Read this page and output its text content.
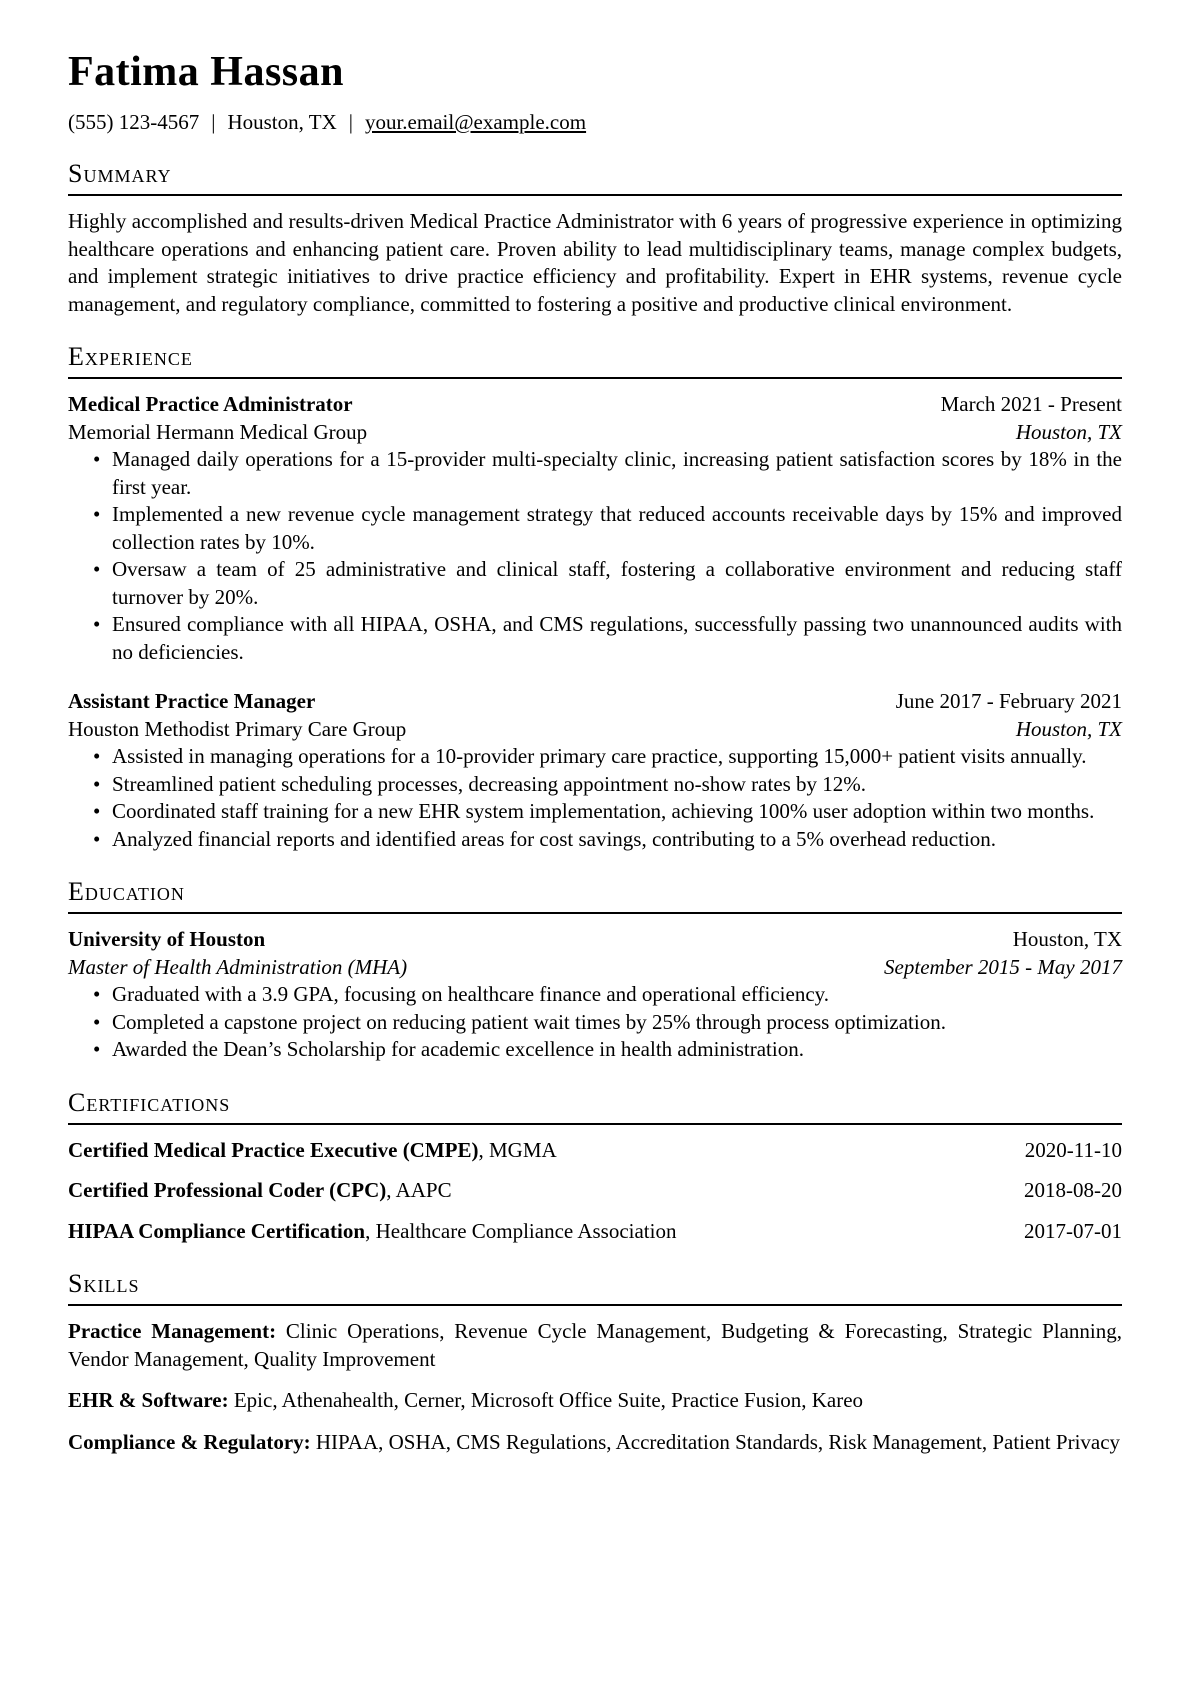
Fatima Hassan
(555) 123-4567 | Houston, TX | your.email@example.com
Summary

Highly accomplished and results-driven Medical Practice Administrator with 6 years of progressive experience in optimizing healthcare operations and enhancing patient care. Proven ability to lead multidisciplinary teams, manage complex budgets, and implement strategic initiatives to drive practice efficiency and profitability. Expert in EHR systems, revenue cycle management, and regulatory compliance, committed to fostering a positive and productive clinical environment.

Experience
Medical Practice Administrator	March 2021 - Present
Memorial Hermann Medical Group	Houston, TX
• Managed daily operations for a 15-provider multi-specialty clinic, increasing patient satisfaction scores by 18% in the first year.
• Implemented a new revenue cycle management strategy that reduced accounts receivable days by 15% and improved collection rates by 10%.
• Oversaw a team of 25 administrative and clinical staff, fostering a collaborative environment and reducing staff turnover by 20%.
• Ensured compliance with all HIPAA, OSHA, and CMS regulations, successfully passing two unannounced audits with no deficiencies.
Assistant Practice Manager	June 2017 - February 2021
Houston Methodist Primary Care Group	Houston, TX
• Assisted in managing operations for a 10-provider primary care practice, supporting 15,000+ patient visits annually.
• Streamlined patient scheduling processes, decreasing appointment no-show rates by 12%.
• Coordinated staff training for a new EHR system implementation, achieving 100% user adoption within two months.
• Analyzed financial reports and identified areas for cost savings, contributing to a 5% overhead reduction.
Education
University of Houston	Houston, TX
Master of Health Administration (MHA)	September 2015 - May 2017
• Graduated with a 3.9 GPA, focusing on healthcare finance and operational efficiency.
• Completed a capstone project on reducing patient wait times by 25% through process optimization.
• Awarded the Dean’s Scholarship for academic excellence in health administration.
Certifications
Certified Medical Practice Executive (CMPE), MGMA	2020-11-10
Certified Professional Coder (CPC), AAPC	2018-08-20
HIPAA Compliance Certification, Healthcare Compliance Association	2017-07-01
Skills

Practice Management: Clinic Operations, Revenue Cycle Management, Budgeting & Forecasting, Strategic Planning, Vendor Management, Quality Improvement

EHR & Software: Epic, Athenahealth, Cerner, Microsoft Office Suite, Practice Fusion, Kareo

Compliance & Regulatory: HIPAA, OSHA, CMS Regulations, Accreditation Standards, Risk Management, Patient Privacy
